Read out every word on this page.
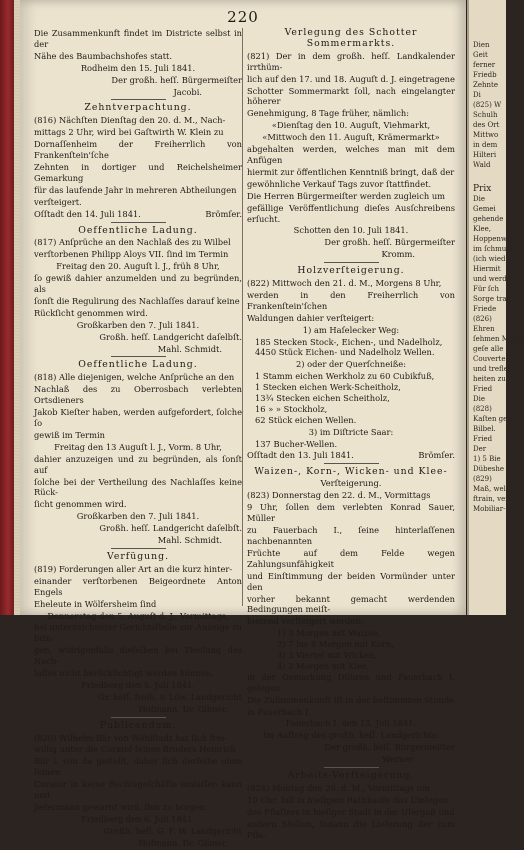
220
Die Zusammenkunft findet im Districte selbst in der
Nähe des Baumbachshofes statt.
Rodheim den 15. Juli 1841.
Der großh. heſſ. Bürgermeiſter
Jacobi.
Zehntverpachtung.
(816) Nächſten Dienſtag den 20. d. M., Nach-
mittags 2 Uhr, wird bei Gaſtwirth W. Klein zu
Dornaſſenheim der Freiherrlich von Frankenſtein'ſche
Zehnten in dortiger und Reichelsheimer Gemarkung
für das laufende Jahr in mehreren Abtheilungen
verſteigert.
Oſſtadt den 14. Juli 1841.	Brömſer.
Oeffentliche Ladung.
(817) Anſprüche an den Nachlaß des zu Wilbel
verſtorbenen Philipp Aloys VII. ſind im Termin
Freitag den 20. Auguſt l. J., früh 8 Uhr,
ſo gewiß dahier anzumelden und zu begründen, als
ſonſt die Regulirung des Nachlaſſes darauf keine
Rückſicht genommen wird.
Großkarben den 7. Juli 1841.
Großh. heſſ. Landgericht daſelbſt.
Mahl. Schmidt.
Oeffentliche Ladung.
(818) Alle diejenigen, welche Anſprüche an den
Nachlaß des zu Oberrosbach verlebten Ortsdieners
Jakob Kieſter haben, werden aufgefordert, ſolche ſo
gewiß im Termin
Freitag den 13 Auguſt l. J., Vorm. 8 Uhr,
dahier anzuzeigen und zu begründen, als ſonſt auf
ſolche bei der Vertheilung des Nachlaſſes keine Rück-
ſicht genommen wird.
Großkarben den 7. Juli 1841.
Großh. heſſ. Landgericht daſelbſt.
Mahl. Schmidt.
Verfügung.
(819) Forderungen aller Art an die kurz hinter-
einander verſtorbenen Beigeordnete Anton Engels
Eheleute in Wölfersheim ſind
Donnerstag den 5. Auguſt d. J., Vormittags,
bei unterzeichneter Gerichtsſtelle zur Anzeige zu brin-
gen, widrigenfalls dieſelben bei Theilung des Nach-
laſſes nicht berückſichtigt werden können.
Friedberg den 5. Juli 1841.
Gr. heſſ. freih. v. Löw. Landgericht
Hofmann. Dr. Gilmer.
Publicandum.
(820) Wilhelm Bär von Wöhlſtadt hat ſich frei-
willig unter die Curatel ſeines Bruders Heinrich
Bär l. von da geſtellt, daher ſich derſelbe ohne ſeinen
Curator in keine Rechtsgeſchäfte einlaſſen kann und
Jedermann gewarnt wird, ihm zu borgen.
Friedberg den 6. Juli 1841.
Großh. heſſ. G. F. W. Landgericht
Hofmann. Dr. Gilmer.
Verlegung des Schotter Sommermarkts.
(821) Der in dem großh. heſſ. Landkalender irrthüm-
lich auf den 17. und 18. Auguſt d. J. eingetragene
Schotter Sommermarkt ſoll, nach eingelangter höherer
Genehmigung, 8 Tage früher, nämlich:
«Dienſtag den 10. Auguſt, Viehmarkt,
«Mittwoch den 11. Auguſt, Krämermarkt»
abgehalten werden, welches man mit dem Anfügen
hiermit zur öffentlichen Kenntniß bringt, daß der
gewöhnliche Verkauf Tags zuvor ſtattfindet.
Die Herren Bürgermeiſter werden zugleich um
gefällige Veröffentlichung dieſes Ausſchreibens erſucht.
Schotten den 10. Juli 1841.
Der großh. heſſ. Bürgermeiſter
Kromm.
Holzverſteigerung.
(822) Mittwoch den 21. d. M., Morgens 8 Uhr,
werden in den Freiherrlich von Frankenſtein'ſchen
Waldungen dahier verſteigert:
1) am Haſelecker Weg:
185 Stecken Stock-, Eichen-, und Nadelholz,
4450 Stück Eichen- und Nadelholz Wellen.
2) oder der Querſchneiße:
1 Stamm eichen Werkholz zu 60 Cubikfuß,
1 Stecken eichen Werk-Scheitholz,
13¾ Stecken eichen Scheitholz,
16 » » Stockholz,
62 Stück eichen Wellen.
3) im Diſtricte Saar:
137 Bucher-Wellen.
Oſſtadt den 13. Juli 1841.	Brömſer.
Waizen-, Korn-, Wicken- und Klee-
Verſteigerung.
(823) Donnerstag den 22. d. M., Vormittags
9 Uhr, ſollen dem verlebten Konrad Sauer, Müller
zu Fauerbach I., ſeine hinterlaſſenen nachbenannten
Früchte auf dem Felde wegen Zahlungsunfähigkeit
und Einſtimmung der beiden Vormünder unter den
vorher bekannt gemacht werdenden Bedingungen meiſt-
bietend verſteigert werden:
1) 3 Morgen mit Waizen,
2) 7 bis 8 Morgen mit Korn,
3) 3 Viertel mit Wicken,
4) 2 Morgen mit Klee,
in der Gemarkung Dühren und Fauerbach I. gelegen.
Die Zuſammenkunft iſt in der beſtimmten Stunde
in Fauerbach I.
Fauerbach I. den 13. Juli 1841.
Im Auftrag des großh. heſſ. Landgerichts:
Der großh. heſſ. Bürgermeiſter
Werner.
Arbeits-Verſteigerung.
(824) Montag den 26. d. M., Vormittags um
10 Uhr, ſoll in hieſigem Rathhauſe das Umlegen
des Pflaſters in hieſiger Stadt in der Uſergaß und
andern Stellen, ſodann die Lieferung der zum Pfla-
Dien
Geit
ferner
Friedb
Zehnte
Di
(825) W
Schulh
des Ort
Mittwo
in dem
Hilteri
Wald
Prix
Die
Gemei
gehende
Klee,
Hoppenwe
im ſchmutz
(ich wied
Hiermit
und werde
Für ſch
Sorge trag
Friede
(826)
Ehren
ſehmen Möbel
geſe alle
Couvertes
und trefle
heiten zu
Fried
Die
(828)
Kaſten gen
Bilbel.
Fried
Der
1) 5 Bie
Dübeshe
(829)
Maß, weld
ftrain, ver
Mobiliar-Ge
